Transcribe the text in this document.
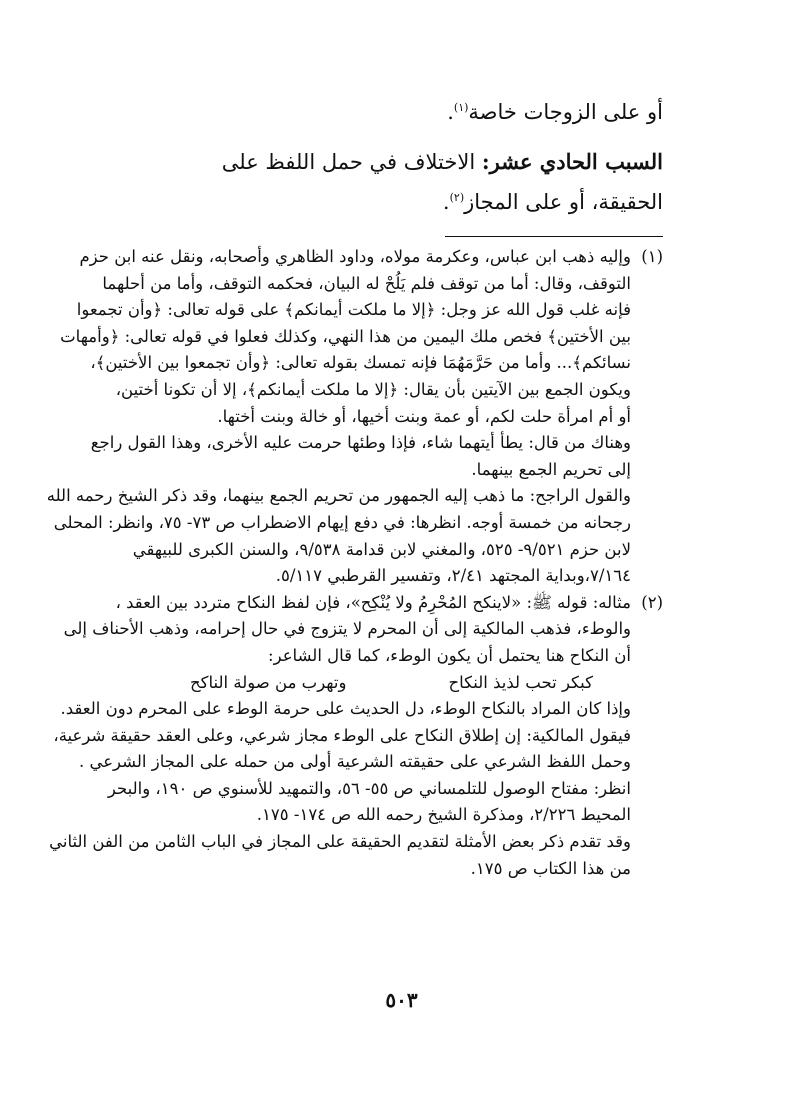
أو على الزوجات خاصة$^{(١)}$.

السبب الحادي عشر: الاختلاف في حمل اللفظ على الحقيقة، أو على المجاز$^{(٢)}$.

(١)وإليه ذهب ابن عباس، وعكرمة مولاه، وداود الظاهري وأصحابه، ونقل عنه ابن حزم
التوقف، وقال: أما من توقف فلم يَلُحْ له البيان، فحكمه التوقف، وأما من أحلهما
فإنه غلب قول الله عز وجل: ﴿إلا ما ملكت أيمانكم﴾ على قوله تعالى: ﴿وأن تجمعوا
بين الأختين﴾ فخص ملك اليمين من هذا النهي، وكذلك فعلوا في قوله تعالى: ﴿وأمهات
نسائكم﴾... وأما من حَرَّمَهُمَا فإنه تمسك بقوله تعالى: ﴿وأن تجمعوا بين الأختين﴾،
ويكون الجمع بين الآيتين بأن يقال: ﴿إلا ما ملكت أيمانكم﴾، إلا أن تكونا أختين،
أو أم امرأة حلت لكم، أو عمة وبنت أخيها، أو خالة وبنت أختها.
وهناك من قال: يطأ أيتهما شاء، فإذا وطئها حرمت عليه الأخرى، وهذا القول راجع
إلى تحريم الجمع بينهما.
والقول الراجح: ما ذهب إليه الجمهور من تحريم الجمع بينهما، وقد ذكر الشيخ رحمه الله
رجحانه من خمسة أوجه. انظرها: في دفع إيهام الاضطراب ص ٧٣- ٧٥، وانظر: المحلى
لابن حزم ٩/٥٢١- ٥٢٥، والمغني لابن قدامة ٩/٥٣٨، والسنن الكبرى للبيهقي
٧/١٦٤،وبداية المجتهد ٢/٤١، وتفسير القرطبي ٥/١١٧.
(٢)مثاله: قوله ﷺ: «لاينكح المُحْرِمُ ولا يُنْكِح»، فإن لفظ النكاح متردد بين العقد ،
والوطء، فذهب المالكية إلى أن المحرم لا يتزوج في حال إحرامه، وذهب الأحناف إلى
أن النكاح هنا يحتمل أن يكون الوطء، كما قال الشاعر:
كبكر تحب لذيذ النكاح
وتهرب من صولة الناكح
وإذا كان المراد بالنكاح الوطء، دل الحديث على حرمة الوطء على المحرم دون العقد.
فيقول المالكية: إن إطلاق النكاح على الوطء مجاز شرعي، وعلى العقد حقيقة شرعية،
وحمل اللفظ الشرعي على حقيقته الشرعية أولى من حمله على المجاز الشرعي .
انظر: مفتاح الوصول للتلمساني ص ٥٥- ٥٦، والتمهيد للأسنوي ص ١٩٠، والبحر
المحيط ٢/٢٢٦، ومذكرة الشيخ رحمه الله ص ١٧٤- ١٧٥.
وقد تقدم ذكر بعض الأمثلة لتقديم الحقيقة على المجاز في الباب الثامن من الفن الثاني
من هذا الكتاب ص ١٧٥.
٥٠٣
